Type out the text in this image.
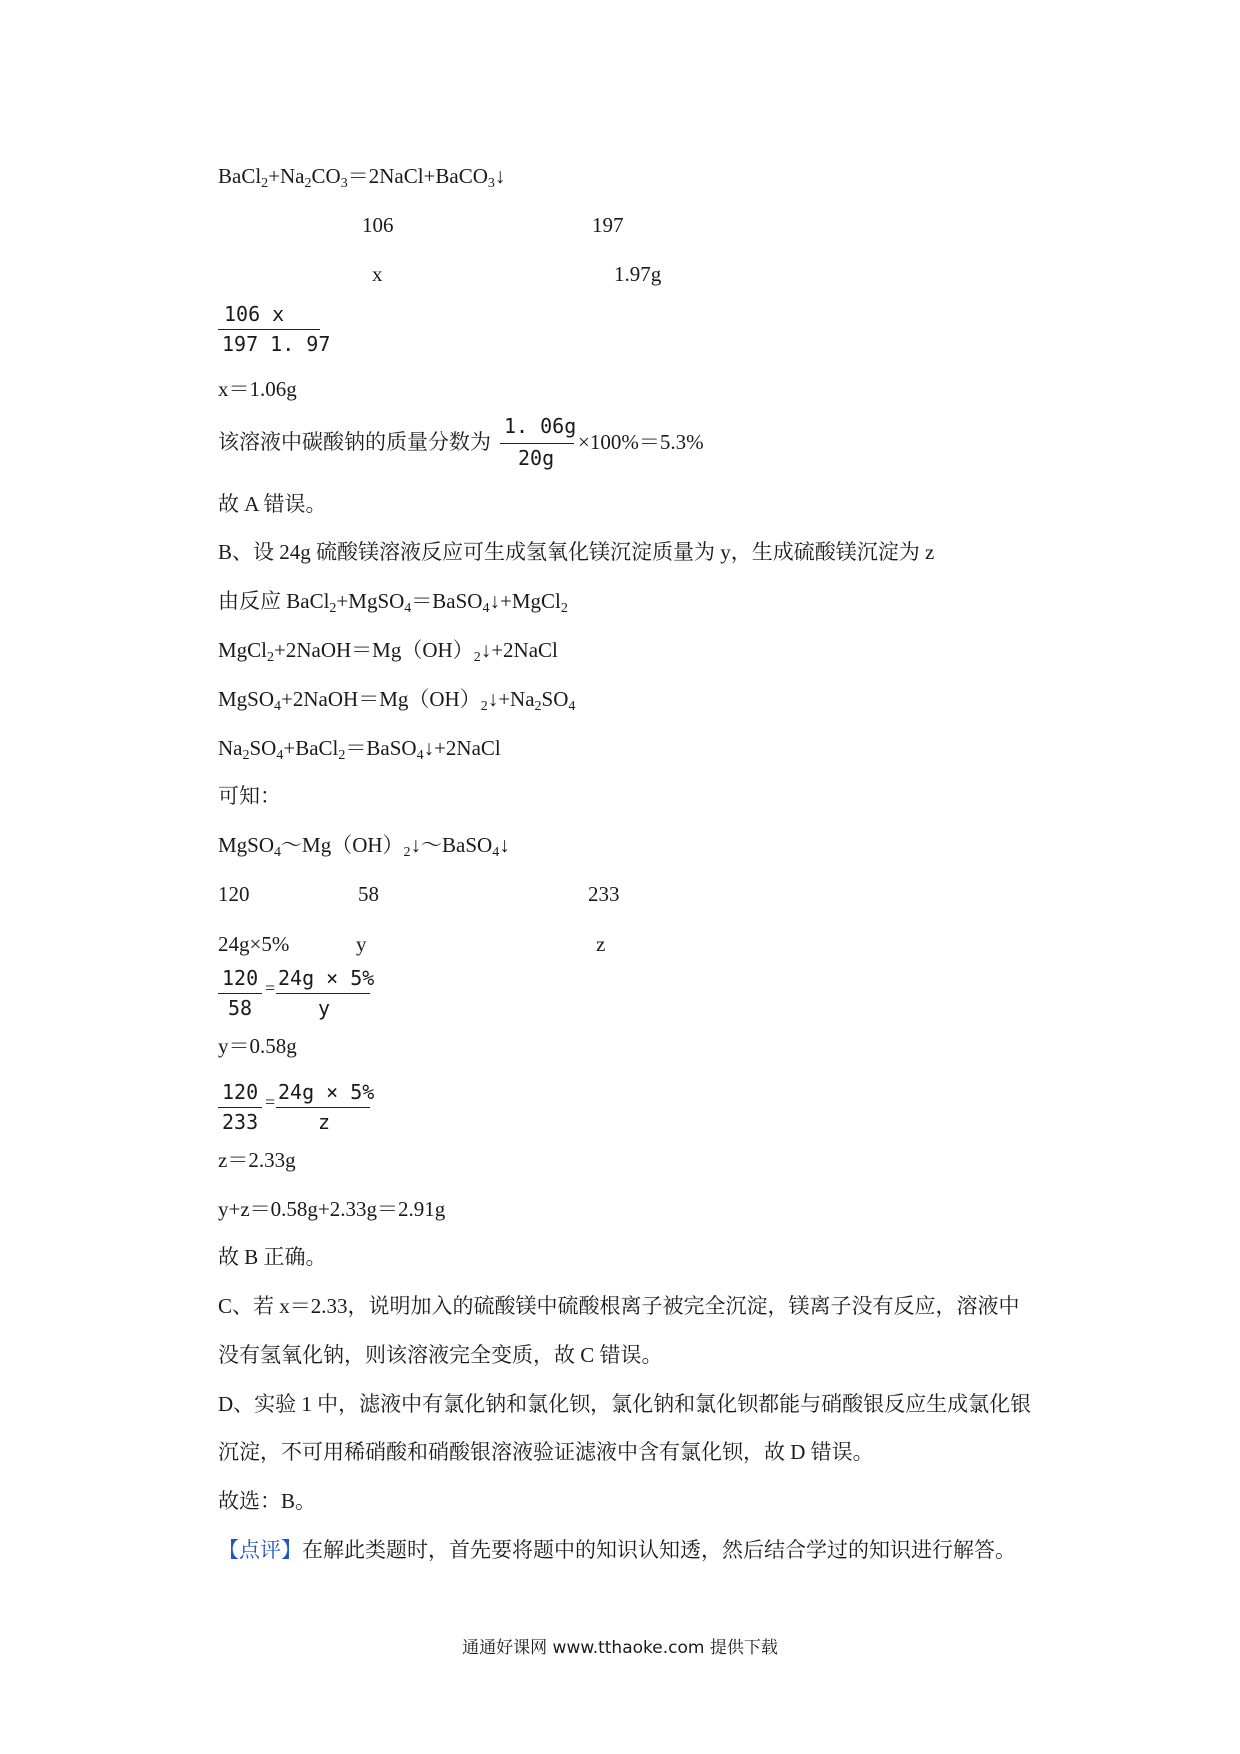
$BaCl_2+Na_2CO_3=2NaCl+BaCO_3↓$
106	197
x	1.97g
106 x
197 1. 97
x＝1.06g
该溶液中碳酸钠的质量分数为
1. 06g
20g
×100%＝5.3%
故 A 错误。
B、设 24g 硫酸镁溶液反应可生成氢氧化镁沉淀质量为 y，生成硫酸镁沉淀为 z
由反应 BaCl$_2$+MgSO$_4$＝BaSO$_4$↓+MgCl$_2$
$MgCl_2+2NaOH=Mg(OH)_2↓+2NaCl$
$MgSO_4+2NaOH=Mg(OH)_2↓+Na_2SO_4$
$Na_2SO_4+BaCl_2=BaSO_4↓+2NaCl$
可知：
$MgSO_4\sim Mg(OH)_2↓\sim BaSO_4↓$
120	58	233
24g×5%	y	z
120
58
= 24g × 5%
y
y＝0.58g
120
233
= 24g × 5%
z
z＝2.33g
y+z＝0.58g+2.33g＝2.91g
故 B 正确。
C、若 x＝2.33，说明加入的硫酸镁中硫酸根离子被完全沉淀，镁离子没有反应，溶液中
没有氢氧化钠，则该溶液完全变质，故 C 错误。
D、实验 1 中，滤液中有氯化钠和氯化钡，氯化钠和氯化钡都能与硝酸银反应生成氯化银
沉淀，不可用稀硝酸和硝酸银溶液验证滤液中含有氯化钡，故 D 错误。
故选：B。
【点评】在解此类题时，首先要将题中的知识认知透，然后结合学过的知识进行解答。
通通好课网 www.tthaoke.com 提供下载
